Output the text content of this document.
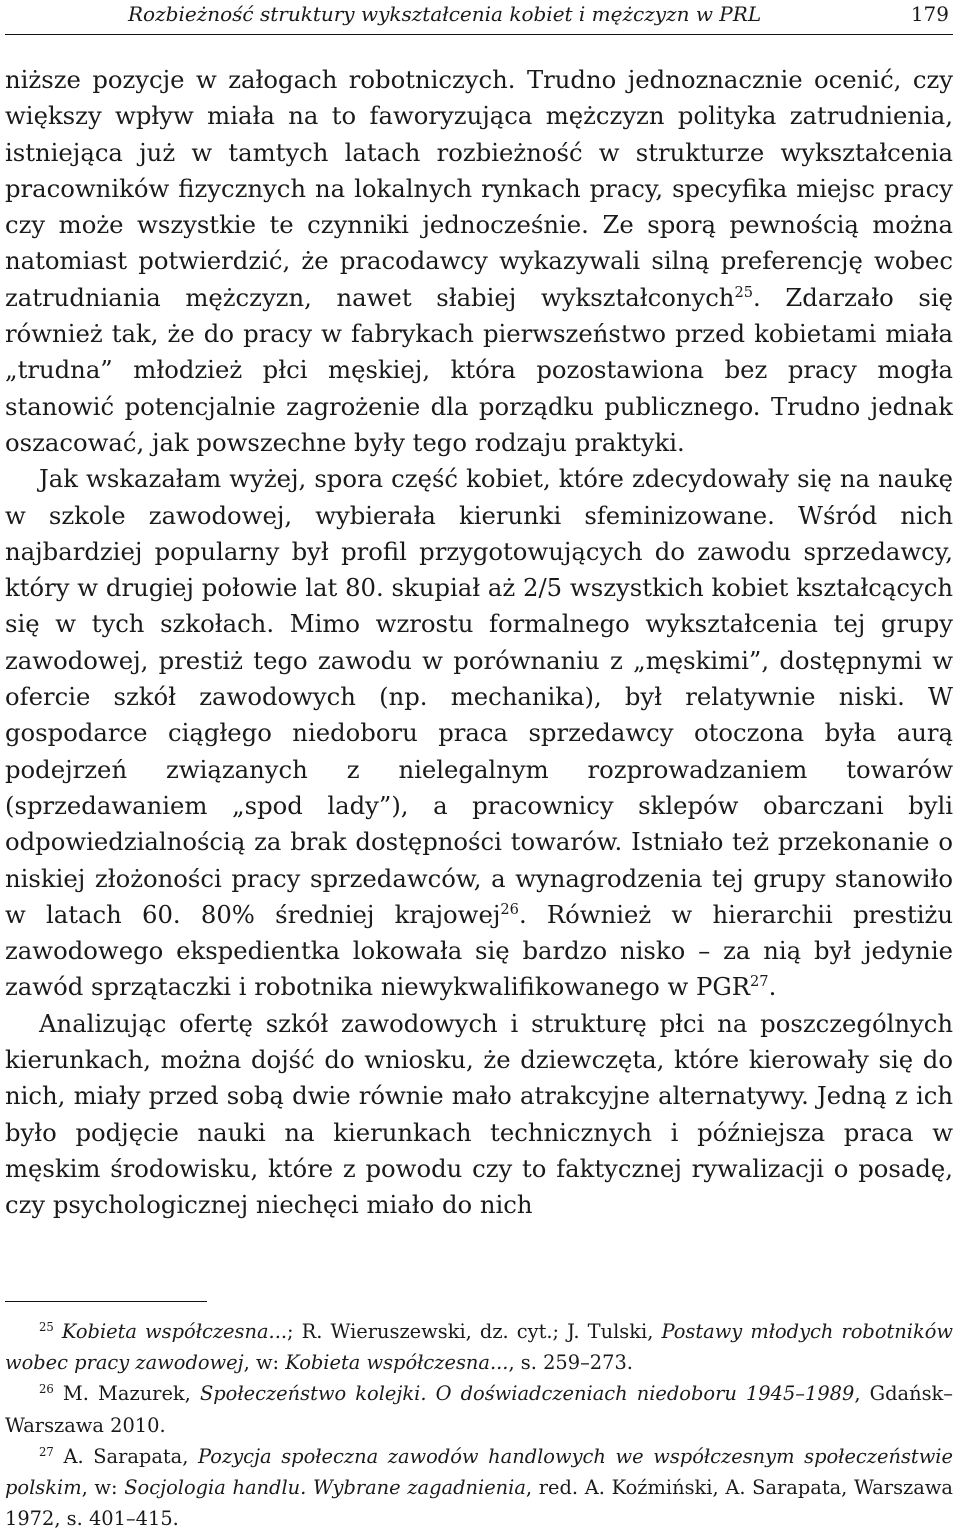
Rozbieżność struktury wykształcenia kobiet i mężczyzn w PRL	179

niższe pozycje w załogach robotniczych. Trudno jednoznacznie ocenić, czy większy wpływ miała na to faworyzująca mężczyzn polityka zatrudnienia, istniejąca już w tamtych latach rozbieżność w strukturze wykształcenia pracowników fizycznych na lokalnych rynkach pracy, specyfika miejsc pracy czy może wszystkie te czynniki jednocześnie. Ze sporą pewnością można natomiast potwierdzić, że pracodawcy wykazywali silną preferencję wobec zatrudniania mężczyzn, nawet słabiej wykształconych$^{25}$. Zdarzało się również tak, że do pracy w fabrykach pierwszeństwo przed kobietami miała „trudna” młodzież płci męskiej, która pozostawiona bez pracy mogła stanowić potencjalnie zagrożenie dla porządku publicznego. Trudno jednak oszacować, jak powszechne były tego rodzaju praktyki.

Jak wskazałam wyżej, spora część kobiet, które zdecydowały się na naukę w szkole zawodowej, wybierała kierunki sfeminizowane. Wśród nich najbardziej popularny był profil przygotowujących do zawodu sprzedawcy, który w drugiej połowie lat 80. skupiał aż 2/5 wszystkich kobiet kształcących się w tych szkołach. Mimo wzrostu formalnego wykształcenia tej grupy zawodowej, prestiż tego zawodu w porównaniu z „męskimi”, dostępnymi w ofercie szkół zawodowych (np. mechanika), był relatywnie niski. W gospodarce ciągłego niedoboru praca sprzedawcy otoczona była aurą podejrzeń związanych z nielegalnym rozprowadzaniem towarów (sprzedawaniem „spod lady”), a pracownicy sklepów obarczani byli odpowiedzialnością za brak dostępności towarów. Istniało też przekonanie o niskiej złożoności pracy sprzedawców, a wynagrodzenia tej grupy stanowiło w latach 60. 80% średniej krajowej$^{26}$. Również w hierarchii prestiżu zawodowego ekspedientka lokowała się bardzo nisko – za nią był jedynie zawód sprzątaczki i robotnika niewykwalifikowanego w PGR$^{27}$.

Analizując ofertę szkół zawodowych i strukturę płci na poszczególnych kierunkach, można dojść do wniosku, że dziewczęta, które kierowały się do nich, miały przed sobą dwie równie mało atrakcyjne alternatywy. Jedną z ich było podjęcie nauki na kierunkach technicznych i późniejsza praca w męskim środowisku, które z powodu czy to faktycznej rywalizacji o posadę, czy psychologicznej niechęci miało do nich

$^{25}$ Kobieta współczesna...; R. Wieruszewski, dz. cyt.; J. Tulski, Postawy młodych robotników wobec pracy zawodowej, w: Kobieta współczesna..., s. 259–273.

$^{26}$ M. Mazurek, Społeczeństwo kolejki. O doświadczeniach niedoboru 1945–1989, Gdańsk–Warszawa 2010.

$^{27}$ A. Sarapata, Pozycja społeczna zawodów handlowych we współczesnym społeczeństwie polskim, w: Socjologia handlu. Wybrane zagadnienia, red. A. Koźmiński, A. Sarapata, Warszawa 1972, s. 401–415.
